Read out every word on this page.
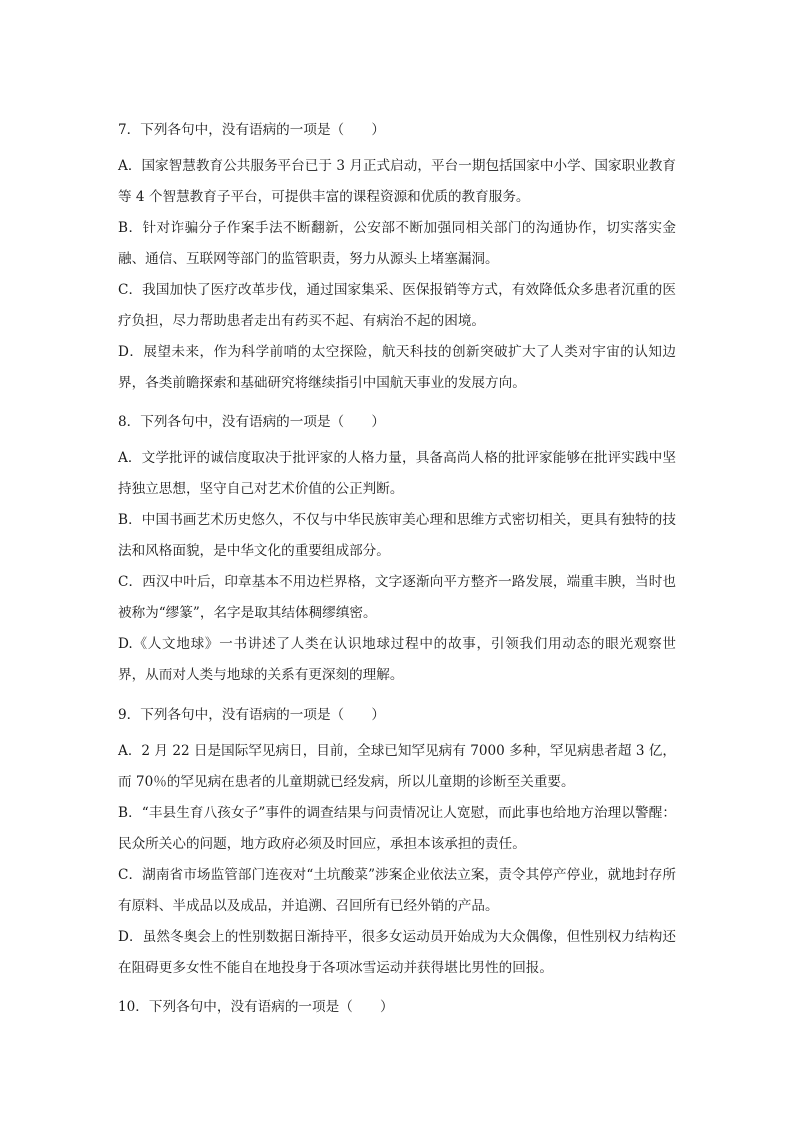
7．下列各句中，没有语病的一项是（　　）

A．国家智慧教育公共服务平台已于 3 月正式启动，平台一期包括国家中小学、国家职业教育等 4 个智慧教育子平台，可提供丰富的课程资源和优质的教育服务。

B．针对诈骗分子作案手法不断翻新，公安部不断加强同相关部门的沟通协作，切实落实金融、通信、互联网等部门的监管职责，努力从源头上堵塞漏洞。

C．我国加快了医疗改革步伐，通过国家集采、医保报销等方式，有效降低众多患者沉重的医疗负担，尽力帮助患者走出有药买不起、有病治不起的困境。

D．展望未来，作为科学前哨的太空探险，航天科技的创新突破扩大了人类对宇宙的认知边界，各类前瞻探索和基础研究将继续指引中国航天事业的发展方向。

8．下列各句中，没有语病的一项是（　　）

A．文学批评的诚信度取决于批评家的人格力量，具备高尚人格的批评家能够在批评实践中坚持独立思想，坚守自己对艺术价值的公正判断。

B．中国书画艺术历史悠久，不仅与中华民族审美心理和思维方式密切相关，更具有独特的技法和风格面貌，是中华文化的重要组成部分。

C．西汉中叶后，印章基本不用边栏界格，文字逐渐向平方整齐一路发展，端重丰腴，当时也被称为“缪篆”，名字是取其结体稠缪缜密。

D.《人文地球》一书讲述了人类在认识地球过程中的故事，引领我们用动态的眼光观察世界，从而对人类与地球的关系有更深刻的理解。

9．下列各句中，没有语病的一项是（　　）

A．2 月 22 日是国际罕见病日，目前，全球已知罕见病有 7000 多种，罕见病患者超 3 亿，而 70％的罕见病在患者的儿童期就已经发病，所以儿童期的诊断至关重要。

B．“丰县生育八孩女子”事件的调查结果与问责情况让人宽慰，而此事也给地方治理以警醒：民众所关心的问题，地方政府必须及时回应，承担本该承担的责任。

C．湖南省市场监管部门连夜对“土坑酸菜”涉案企业依法立案，责令其停产停业，就地封存所有原料、半成品以及成品，并追溯、召回所有已经外销的产品。

D．虽然冬奥会上的性别数据日渐持平，很多女运动员开始成为大众偶像，但性别权力结构还在阻碍更多女性不能自在地投身于各项冰雪运动并获得堪比男性的回报。

10．下列各句中，没有语病的一项是（　　）
